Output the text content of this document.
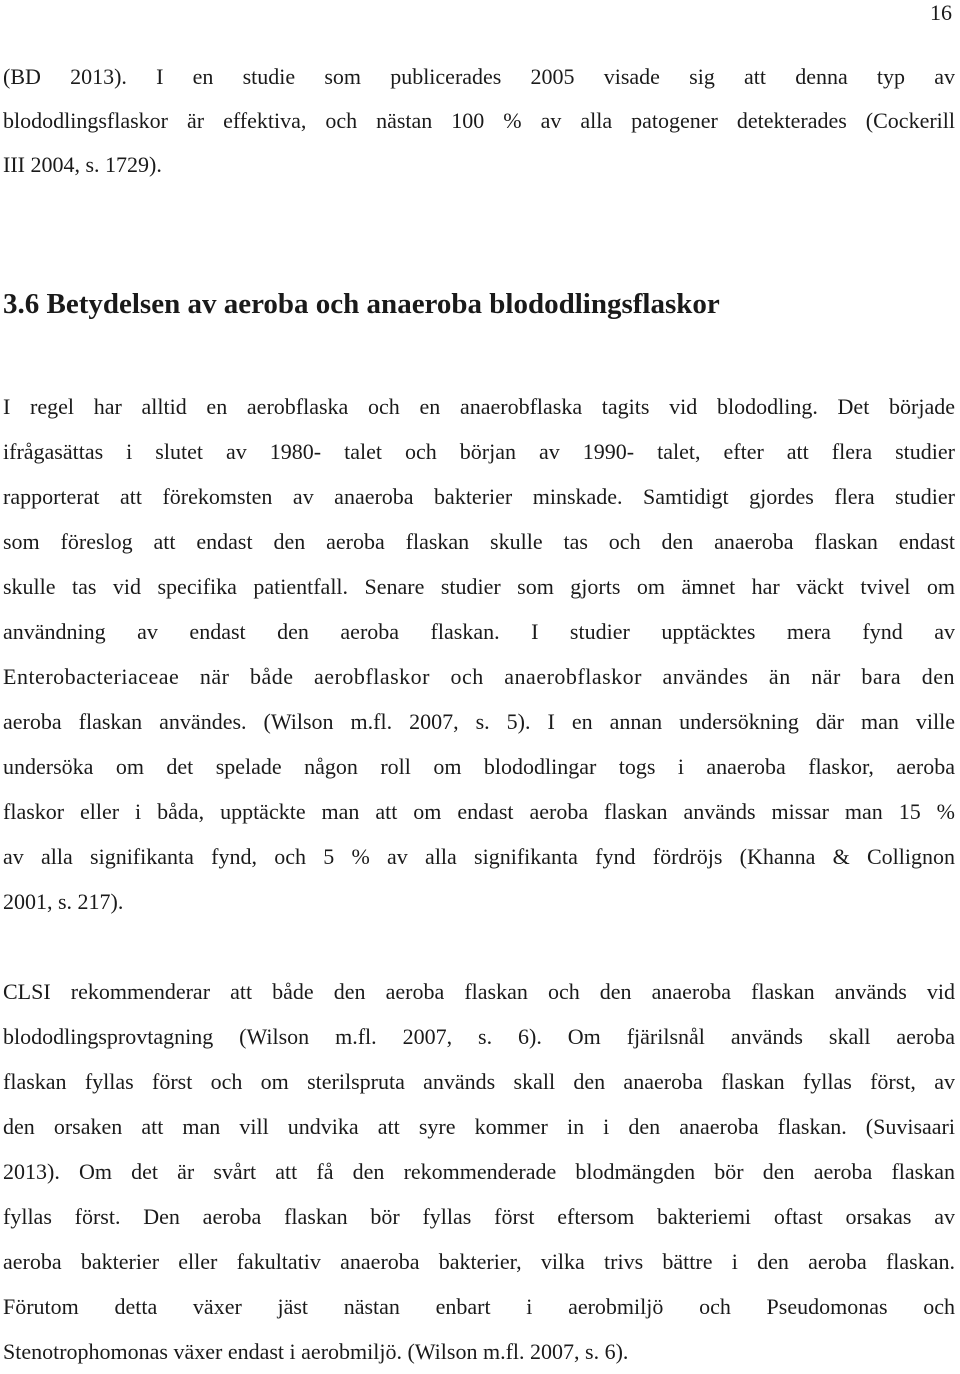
16

(BD 2013). I en studie som publicerades 2005 visade sig att denna typ av
blododlingsflaskor är effektiva, och nästan 100 % av alla patogener detekterades (Cockerill
III 2004, s. 1729).

3.6 Betydelsen av aeroba och anaeroba blododlingsflaskor

I regel har alltid en aerobflaska och en anaerobflaska tagits vid blododling. Det började
ifrågasättas i slutet av 1980- talet och början av 1990- talet, efter att flera studier
rapporterat att förekomsten av anaeroba bakterier minskade. Samtidigt gjordes flera studier
som föreslog att endast den aeroba flaskan skulle tas och den anaeroba flaskan endast
skulle tas vid specifika patientfall. Senare studier som gjorts om ämnet har väckt tvivel om
användning av endast den aeroba flaskan. I studier upptäcktes mera fynd av
Enterobacteriaceae när både aerobflaskor och anaerobflaskor användes än när bara den
aeroba flaskan användes. (Wilson m.fl. 2007, s. 5). I en annan undersökning där man ville
undersöka om det spelade någon roll om blododlingar togs i anaeroba flaskor, aeroba
flaskor eller i båda, upptäckte man att om endast aeroba flaskan används missar man 15 %
av alla signifikanta fynd, och 5 % av alla signifikanta fynd fördröjs (Khanna & Collignon
2001, s. 217).

CLSI rekommenderar att både den aeroba flaskan och den anaeroba flaskan används vid
blododlingsprovtagning (Wilson m.fl. 2007, s. 6). Om fjärilsnål används skall aeroba
flaskan fyllas först och om sterilspruta används skall den anaeroba flaskan fyllas först, av
den orsaken att man vill undvika att syre kommer in i den anaeroba flaskan. (Suvisaari
2013). Om det är svårt att få den rekommenderade blodmängden bör den aeroba flaskan
fyllas först. Den aeroba flaskan bör fyllas först eftersom bakteriemi oftast orsakas av
aeroba bakterier eller fakultativ anaeroba bakterier, vilka trivs bättre i den aeroba flaskan.
Förutom detta växer jäst nästan enbart i aerobmiljö och Pseudomonas och
Stenotrophomonas växer endast i aerobmiljö. (Wilson m.fl. 2007, s. 6).
